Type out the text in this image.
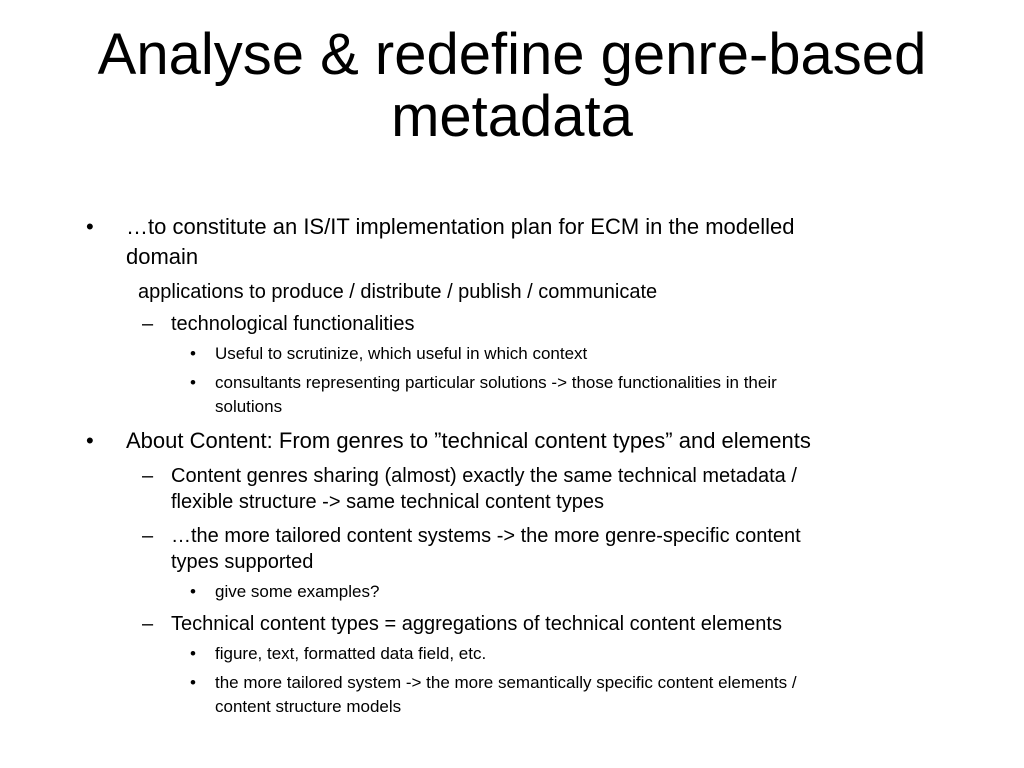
Analyse & redefine genre-based
metadata
• …to constitute an IS/IT implementation plan for ECM in the modelled
domain
applications to produce / distribute / publish / communicate
– technological functionalities
• Useful to scrutinize, which useful in which context
• consultants representing particular solutions -> those functionalities in their
solutions
• About Content: From genres to ”technical content types” and elements
– Content genres sharing (almost) exactly the same technical metadata /
flexible structure -> same technical content types
– …the more tailored content systems -> the more genre-specific content
types supported
• give some examples?
– Technical content types = aggregations of technical content elements
• figure, text, formatted data field, etc.
• the more tailored system -> the more semantically specific content elements /
content structure models
